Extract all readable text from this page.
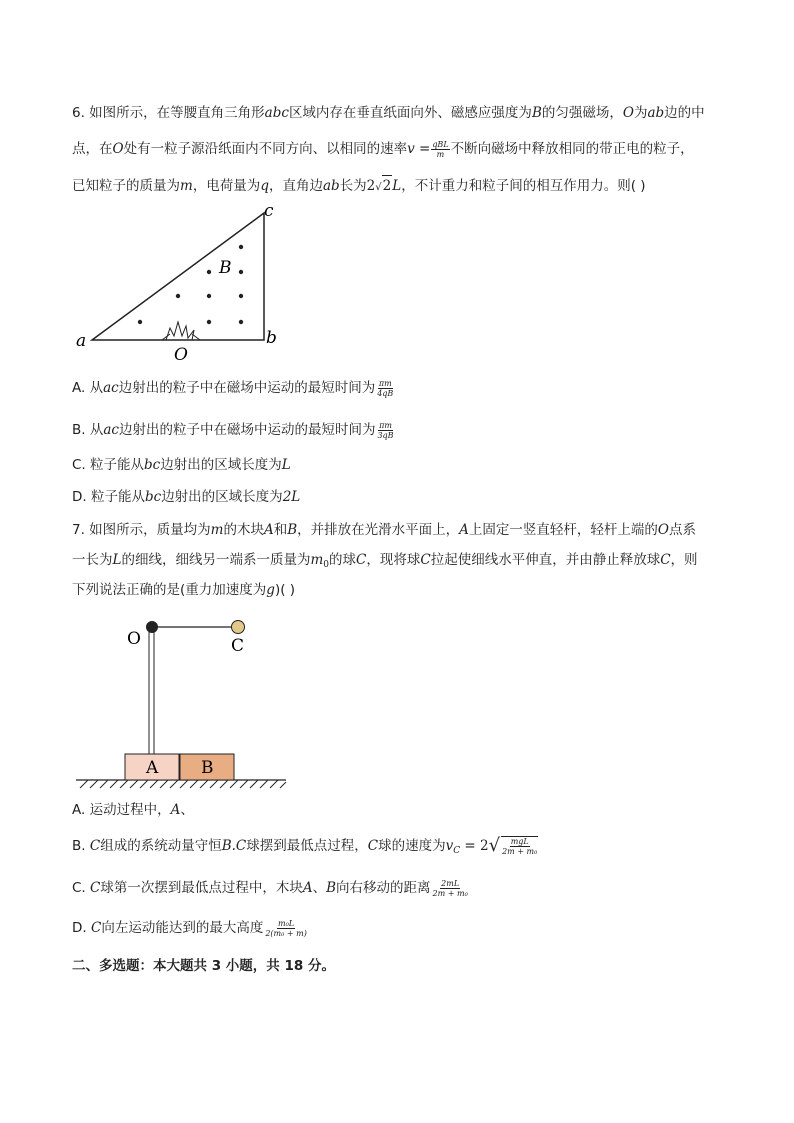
6. 如图所示，在等腰直角三角形abc区域内存在垂直纸面向外、磁感应强度为B的匀强磁场，O为ab边的中
点，在O处有一粒子源沿纸面内不同方向、以相同的速率$v = \frac{\text{qBL}}{m}$ 不断向磁场中释放相同的带正电的粒子，
已知粒子的质量为m，电荷量为q，直角边ab长为2√2L，不计重力和粒子间的相互作用力。则( )
a	b
c
B
O
A. 从ac边射出的粒子中在磁场中运动的最短时间为 $\frac{\pi m}{4qB}$
B. 从ac边射出的粒子中在磁场中运动的最短时间为 $\frac{\pi m}{3qB}$
C. 粒子能从bc边射出的区域长度为L
D. 粒子能从bc边射出的区域长度为2L
7. 如图所示，质量均为m的木块A和B，并排放在光滑水平面上，A上固定一竖直轻杆，轻杆上端的O点系
一长为L的细线，细线另一端系一质量为$m_0$的球C，现将球C拉起使细线水平伸直，并由静止释放球C，则
下列说法正确的是(重力加速度为g)( )
O	C
A	B
A. 运动过程中，A、
B. C组成的系统动量守恒B.C球摆到最低点过程，C球的速度为$v_C = 2√ \frac{\text{mgL}}{\text{2m + m₀}}$
C. C球第一次摆到最低点过程中，木块A、B向右移动的距离 $\frac{2mL}{\text{2m + m₀}}$
D. C向左运动能达到的最大高度 $\frac{\text{m₀L}}{\text{2(m₀ + m)}}$
二、多选题：本大题共 3 小题，共 18 分。
